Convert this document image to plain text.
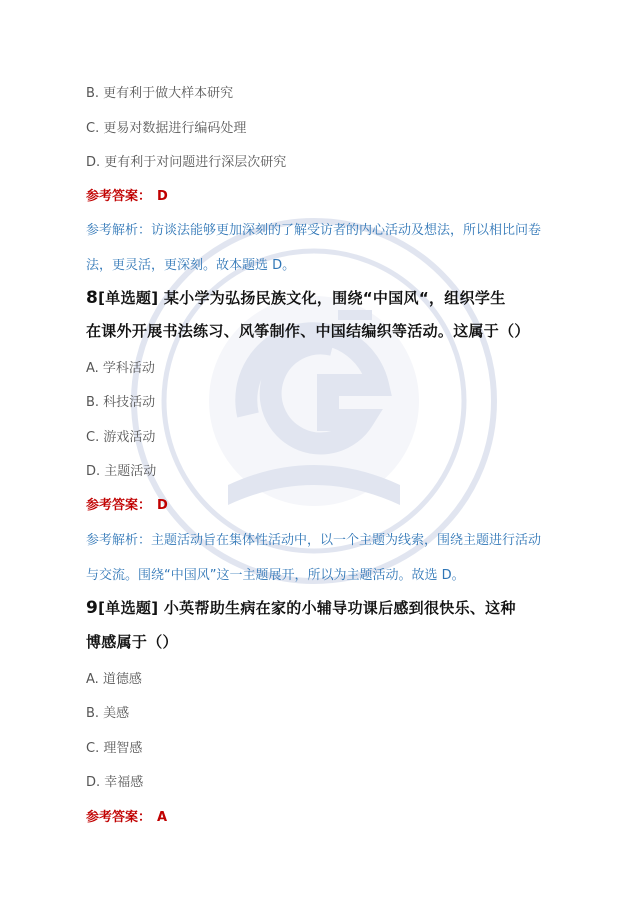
B. 更有利于做大样本研究
C. 更易对数据进行编码处理
D. 更有利于对问题进行深层次研究
参考答案： D
参考解析：访谈法能够更加深刻的了解受访者的内心活动及想法，所以相比问卷
法，更灵活，更深刻。故本题选 D。
8[单选题] 某小学为弘扬民族文化，围绕“中国风“，组织学生
在课外开展书法练习、风筝制作、中国结编织等活动。这属于（）
A. 学科活动
B. 科技活动
C. 游戏活动
D. 主题活动
参考答案： D
参考解析：主题活动旨在集体性活动中，以一个主题为线索，围绕主题进行活动
与交流。围绕“中国风”这一主题展开，所以为主题活动。故选 D。
9[单选题] 小英帮助生病在家的小辅导功课后感到很快乐、这种
博感属于（）
A. 道德感
B. 美感
C. 理智感
D. 幸福感
参考答案： A
